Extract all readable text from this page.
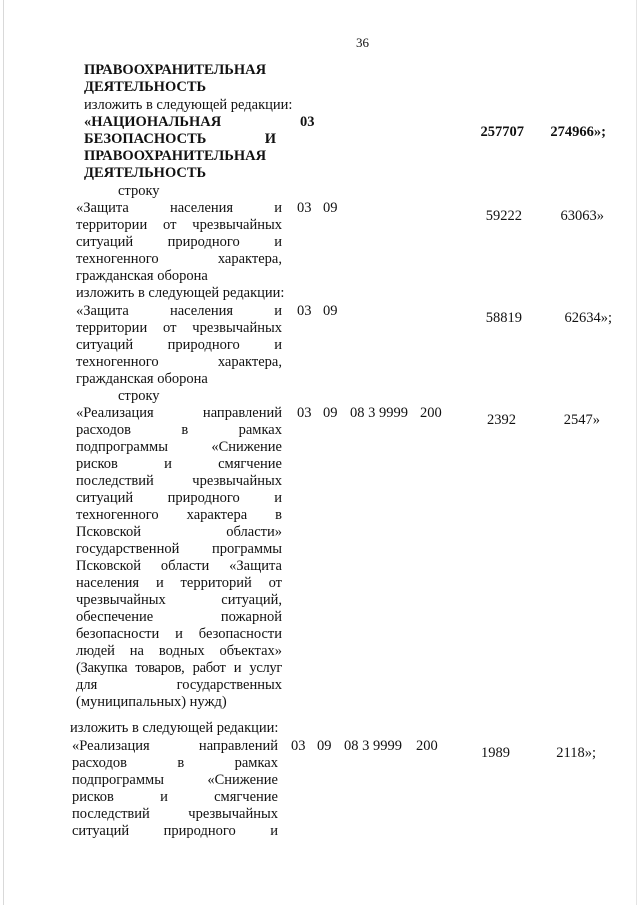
36
ПРАВООХРАНИТЕЛЬНАЯ
ДЕЯТЕЛЬНОСТЬ
изложить в следующей редакции:
«НАЦИОНАЛЬНАЯ
БЕЗОПАСНОСТЬ	И
ПРАВООХРАНИТЕЛЬНАЯ
ДЕЯТЕЛЬНОСТЬ
03
257707	274966»;
строку
«Защита населения и
территории от чрезвычайных
ситуаций природного и
техногенного характера,
гражданская оборона
03 09	59222	63063»
изложить в следующей редакции:
«Защита населения и
территории от чрезвычайных
ситуаций природного и
техногенного характера,
гражданская оборона
03 09	58819	62634»;
строку
«Реализация направлений
расходов в рамках
подпрограммы «Снижение
рисков и смягчение
последствий чрезвычайных
ситуаций природного и
техногенного характера в
Псковской области»
государственной программы
Псковской области «Защита
населения и территорий от
чрезвычайных ситуаций,
обеспечение пожарной
безопасности и безопасности
людей на водных объектах»
(Закупка товаров, работ и услуг
для государственных
(муниципальных) нужд)
03 09 08 3 9999 200	2392	2547»
изложить в следующей редакции:
«Реализация направлений
расходов в рамках
подпрограммы «Снижение
рисков и смягчение
последствий чрезвычайных
ситуаций природного и
03 09 08 3 9999 200	1989	2118»;
